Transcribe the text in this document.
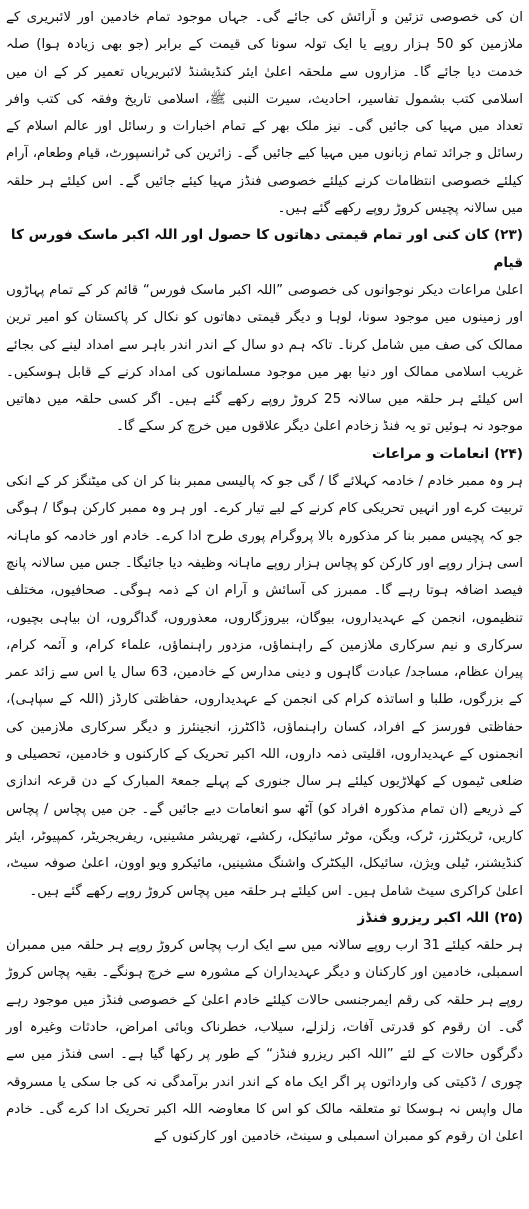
ان کی خصوصی تزئین و آرائش کی جائے گی۔ جہاں موجود تمام خادمین اور لائبریری کے ملازمین کو 50 ہزار روپے یا ایک تولہ سونا کی قیمت کے برابر (جو بھی زیادہ ہوا) صلہ خدمت دیا جائے گا۔ مزاروں سے ملحقہ اعلیٰ ایئر کنڈیشنڈ لائبریریاں تعمیر کر کے ان میں اسلامی کتب بشمول تفاسیر، احادیث، سیرت النبی ﷺ، اسلامی تاریخ وفقہ کی کتب وافر تعداد میں مہیا کی جائیں گی۔ نیز ملک بھر کے تمام اخبارات و رسائل اور عالم اسلام کے رسائل و جرائد تمام زبانوں میں مہیا کیے جائیں گے۔ زائرین کی ٹرانسپورٹ، قیام وطعام، آرام کیلئے خصوصی انتظامات کرنے کیلئے خصوصی فنڈز مہیا کیئے جائیں گے۔ اس کیلئے ہر حلقہ میں سالانہ پچیس کروڑ روپے رکھے گئے ہیں۔

(۲۳) کان کنی اور تمام قیمتی دھاتوں کا حصول اور اللہ اکبر ماسک فورس کا قیام

اعلیٰ مراعات دیکر نوجوانوں کی خصوصی ”اللہ اکبر ماسک فورس“ قائم کر کے تمام پہاڑوں اور زمینوں میں موجود سونا، لوہا و دیگر قیمتی دھاتوں کو نکال کر پاکستان کو امیر ترین ممالک کی صف میں شامل کرنا۔ تاکہ ہم دو سال کے اندر اندر باہر سے امداد لینے کی بجائے غریب اسلامی ممالک اور دنیا بھر میں موجود مسلمانوں کی امداد کرنے کے قابل ہوسکیں۔ اس کیلئے ہر حلقہ میں سالانہ 25 کروڑ روپے رکھے گئے ہیں۔ اگر کسی حلقہ میں دھاتیں موجود نہ ہوئیں تو یہ فنڈ زخادم اعلیٰ دیگر علاقوں میں خرچ کر سکے گا۔

(۲۴) انعامات و مراعات

ہر وہ ممبر خادم / خادمہ کہلائے گا / گی جو کہ پالیسی ممبر بنا کر ان کی میٹنگز کر کے انکی تربیت کرے اور انہیں تحریکی کام کرنے کے لیے تیار کرے۔ اور ہر وہ ممبر کارکن ہوگا / ہوگی جو کہ پچیس ممبر بنا کر مذکورہ بالا پروگرام پوری طرح ادا کرے۔ خادم اور خادمہ کو ماہانہ اسی ہزار روپے اور کارکن کو پچاس ہزار روپے ماہانہ وظیفہ دیا جائیگا۔ جس میں سالانہ پانچ فیصد اضافہ ہوتا رہے گا۔ ممبرز کی آسائش و آرام ان کے ذمہ ہوگی۔ صحافیوں، مختلف تنظیموں، انجمن کے عہدیداروں، بیوگان، بیروزگاروں، معذوروں، گداگروں، ان بیاہی بچیوں، سرکاری و نیم سرکاری ملازمین کے راہنماؤں، مزدور راہنماؤں، علماء کرام، و آئمہ کرام، پیران عظام، مساجد/ عبادت گاہوں و دینی مدارس کے خادمین، 63 سال یا اس سے زائد عمر کے بزرگوں، طلبا و اساتذہ کرام کی انجمن کے عہدیداروں، حفاظتی کارڈز (اللہ کے سپاہی)، حفاظتی فورسز کے افراد، کسان راہنماؤں، ڈاکٹرز، انجینئرز و دیگر سرکاری ملازمین کی انجمنوں کے عہدیداروں، اقلیتی ذمہ داروں، اللہ اکبر تحریک کے کارکنوں و خادمین، تحصیلی و ضلعی ٹیموں کے کھلاڑیوں کیلئے ہر سال جنوری کے پہلے جمعۃ المبارک کے دن قرعہ اندازی کے ذریعے (ان تمام مذکورہ افراد کو) آٹھ سو انعامات دیے جائیں گے۔ جن میں پچاس / پچاس کاریں، ٹریکٹرز، ٹرک، ویگن، موٹر سائیکل، رکشے، تھریشر مشینیں، ریفریجریٹر، کمپیوٹر، ایئر کنڈیشنر، ٹیلی ویژن، سائیکل، الیکٹرک واشنگ مشینیں، مائیکرو ویو اوون، اعلیٰ صوفہ سیٹ، اعلیٰ کراکری سیٹ شامل ہیں۔ اس کیلئے ہر حلقہ میں پچاس کروڑ روپے رکھے گئے ہیں۔

(۲۵) اللہ اکبر ریزرو فنڈز

ہر حلقہ کیلئے 31 ارب روپے سالانہ میں سے ایک ارب پچاس کروڑ روپے ہر حلقہ میں ممبران اسمبلی، خادمین اور کارکنان و دیگر عہدیداران کے مشورہ سے خرچ ہونگے۔ بقیہ پچاس کروڑ روپے ہر حلقہ کی رقم ایمرجنسی حالات کیلئے خادم اعلیٰ کے خصوصی فنڈز میں موجود رہے گی۔ ان رقوم کو قدرتی آفات، زلزلے، سیلاب، خطرناک وبائی امراض، حادثات وغیرہ اور دگرگوں حالات کے لئے ”اللہ اکبر ریزرو فنڈز“ کے طور پر رکھا گیا ہے۔ اسی فنڈز میں سے چوری / ڈکیتی کی وارداتوں پر اگر ایک ماہ کے اندر اندر برآمدگی نہ کی جا سکی یا مسروقہ مال واپس نہ ہوسکا تو متعلقہ مالک کو اس کا معاوضہ اللہ اکبر تحریک ادا کرے گی۔ خادم اعلیٰ ان رقوم کو ممبران اسمبلی و سینٹ، خادمین اور کارکنوں کے
